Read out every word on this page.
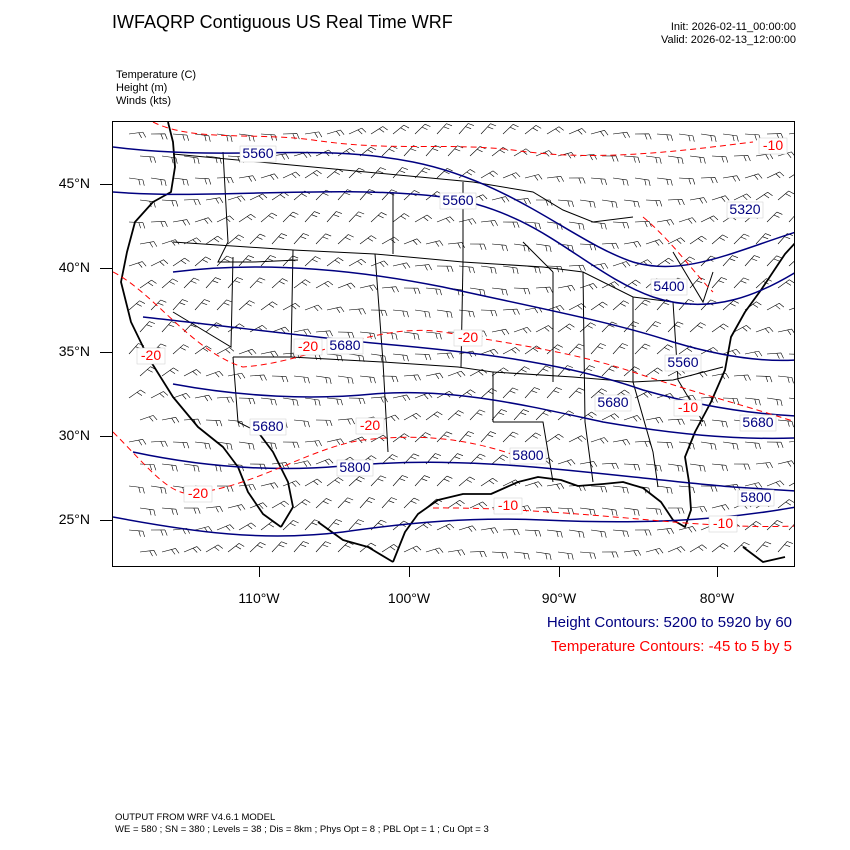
IWFAQRP Contiguous US Real Time WRF	Init: 2026-02-11_00:00:00
Valid: 2026-02-13_12:00:00
Temperature (C)
Height (m)
Winds (kts)
45°N
40°N
35°N
30°N
25°N
110°W	100°W	90°W	80°W
5560
5560
5320
5400
5680
5560
5680
5680
5680
5800
5800
5800
-20
-20
-20
-20
-20
-10
-10
-10
-10
Height Contours: 5200 to 5920 by 60
Temperature Contours: -45 to 5 by 5
OUTPUT FROM WRF V4.6.1 MODEL
WE = 580 ; SN = 380 ; Levels = 38 ; Dis = 8km ; Phys Opt = 8 ; PBL Opt = 1 ; Cu Opt = 3
